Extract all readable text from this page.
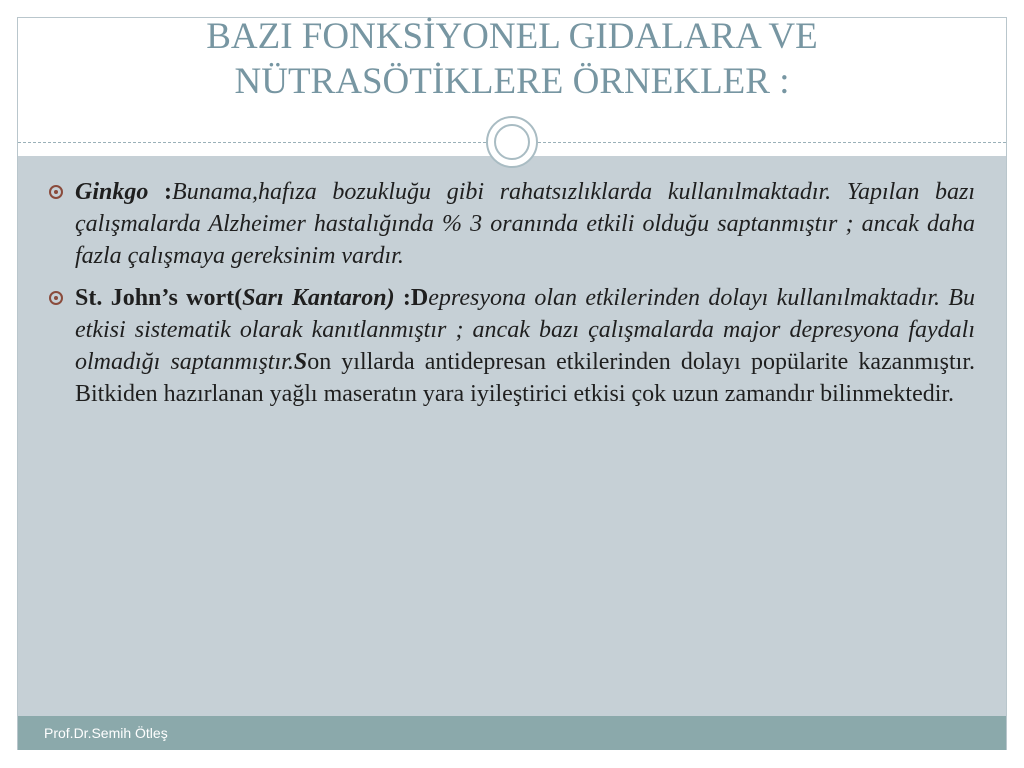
BAZI FONKSİYONEL GIDALARA VE
NÜTRASÖTİKLERE ÖRNEKLER :
Ginkgo :Bunama,hafıza bozukluğu gibi rahatsızlıklarda kullanılmaktadır. Yapılan bazı çalışmalarda Alzheimer hastalığında % 3 oranında etkili olduğu saptanmıştır ; ancak daha fazla çalışmaya gereksinim vardır.
St. John’s wort(Sarı Kantaron) :Depresyona olan etkilerinden dolayı kullanılmaktadır. Bu etkisi sistematik olarak kanıtlanmıştır ; ancak bazı çalışmalarda major depresyona faydalı olmadığı saptanmıştır.Son yıllarda antidepresan etkilerinden dolayı popülarite kazanmıştır. Bitkiden hazırlanan yağlı maseratın yara iyileştirici etkisi çok uzun zamandır bilinmektedir.
Prof.Dr.Semih Ötleş
